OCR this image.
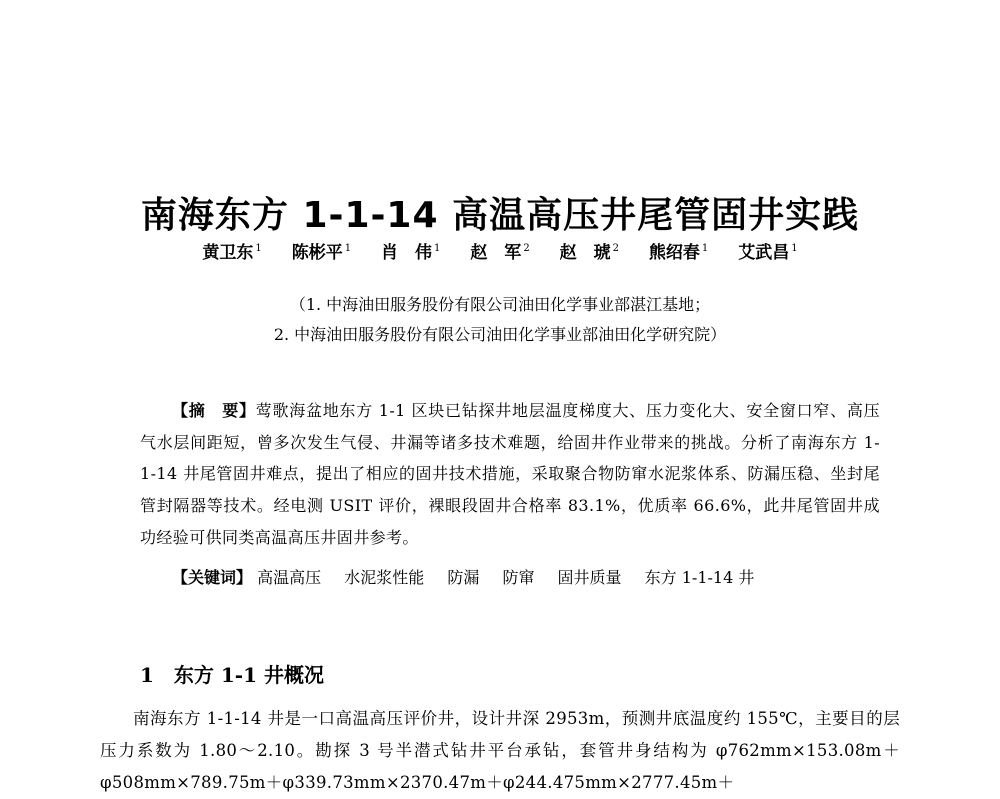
南海东方 1-1-14 高温高压井尾管固井实践
黄卫东 $^1$ 陈彬平 $^1$ 肖　伟 $^1$ 赵　军 $^2$ 赵　琥 $^2$ 熊绍春 $^1$ 艾武昌 $^1$
（1. 中海油田服务股份有限公司油田化学事业部湛江基地；
2. 中海油田服务股份有限公司油田化学事业部油田化学研究院）

【摘　要】莺歌海盆地东方 1-1 区块已钻探井地层温度梯度大、压力变化大、安全窗口窄、高压气水层间距短，曾多次发生气侵、井漏等诸多技术难题，给固井作业带来的挑战。分析了南海东方 1-1-14 井尾管固井难点，提出了相应的固井技术措施，采取聚合物防窜水泥浆体系、防漏压稳、坐封尾管封隔器等技术。经电测 USIT 评价，裸眼段固井合格率 83.1%，优质率 66.6%，此井尾管固井成功经验可供同类高温高压井固井参考。

【关键词】 高温高压 水泥浆性能 防漏 防窜 固井质量 东方 1-1-14 井
1 东方 1-1 井概况

南海东方 1-1-14 井是一口高温高压评价井，设计井深 2953m，预测井底温度约 155℃，主要目的层压力系数为 1.80～2.10。勘探 3 号半潜式钻井平台承钻，套管井身结构为 φ762mm×153.08m＋φ508mm×789.75m＋φ339.73mm×2370.47m＋φ244.475mm×2777.45m＋
